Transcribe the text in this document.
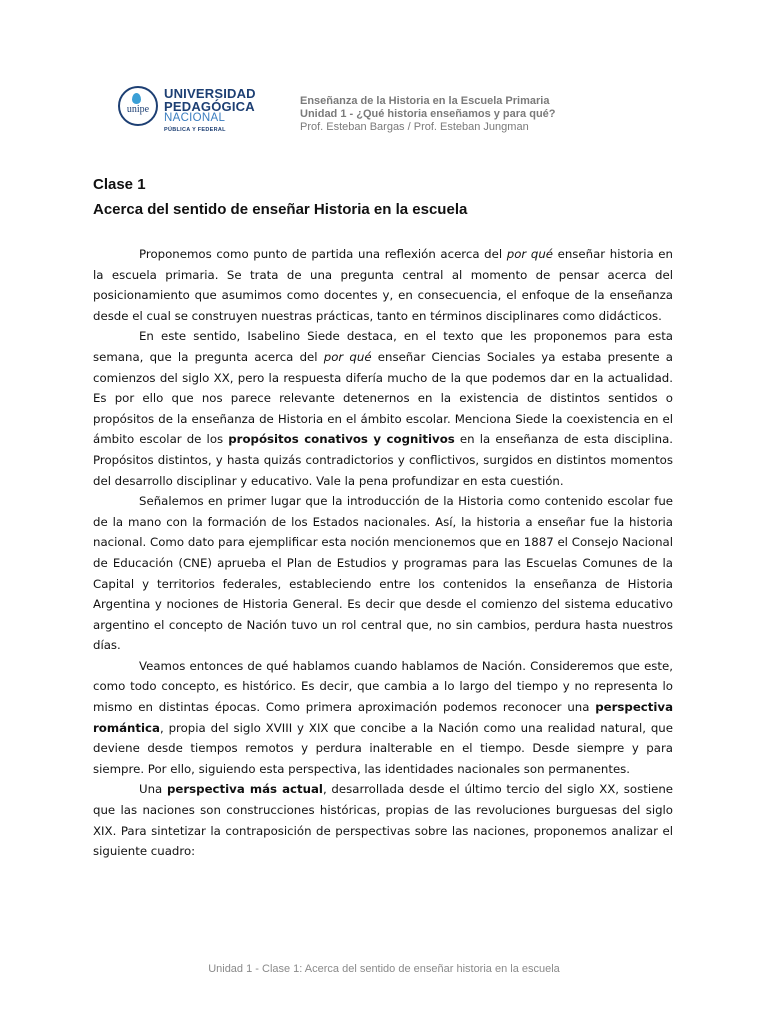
unipe
UNIVERSIDAD
PEDAGÓGICA
NACIONAL
PÚBLICA Y FEDERAL
Enseñanza de la Historia en la Escuela Primaria
Unidad 1 - ¿Qué historia enseñamos y para qué?
Prof. Esteban Bargas / Prof. Esteban Jungman
Clase 1
Acerca del sentido de enseñar Historia en la escuela

Proponemos como punto de partida una reflexión acerca del por qué enseñar historia en la escuela primaria. Se trata de una pregunta central al momento de pensar acerca del posicionamiento que asumimos como docentes y, en consecuencia, el enfoque de la enseñanza desde el cual se construyen nuestras prácticas, tanto en términos disciplinares como didácticos.

En este sentido, Isabelino Siede destaca, en el texto que les proponemos para esta semana, que la pregunta acerca del por qué enseñar Ciencias Sociales ya estaba presente a comienzos del siglo XX, pero la respuesta difería mucho de la que podemos dar en la actualidad. Es por ello que nos parece relevante detenernos en la existencia de distintos sentidos o propósitos de la enseñanza de Historia en el ámbito escolar. Menciona Siede la coexistencia en el ámbito escolar de los propósitos conativos y cognitivos en la enseñanza de esta disciplina. Propósitos distintos, y hasta quizás contradictorios y conflictivos, surgidos en distintos momentos del desarrollo disciplinar y educativo. Vale la pena profundizar en esta cuestión.

Señalemos en primer lugar que la introducción de la Historia como contenido escolar fue de la mano con la formación de los Estados nacionales. Así, la historia a enseñar fue la historia nacional. Como dato para ejemplificar esta noción mencionemos que en 1887 el Consejo Nacional de Educación (CNE) aprueba el Plan de Estudios y programas para las Escuelas Comunes de la Capital y territorios federales, estableciendo entre los contenidos la enseñanza de Historia Argentina y nociones de Historia General. Es decir que desde el comienzo del sistema educativo argentino el concepto de Nación tuvo un rol central que, no sin cambios, perdura hasta nuestros días.

Veamos entonces de qué hablamos cuando hablamos de Nación. Consideremos que este, como todo concepto, es histórico. Es decir, que cambia a lo largo del tiempo y no representa lo mismo en distintas épocas. Como primera aproximación podemos reconocer una perspectiva romántica, propia del siglo XVIII y XIX que concibe a la Nación como una realidad natural, que deviene desde tiempos remotos y perdura inalterable en el tiempo. Desde siempre y para siempre. Por ello, siguiendo esta perspectiva, las identidades nacionales son permanentes.

Una perspectiva más actual, desarrollada desde el último tercio del siglo XX, sostiene que las naciones son construcciones históricas, propias de las revoluciones burguesas del siglo XIX. Para sintetizar la contraposición de perspectivas sobre las naciones, proponemos analizar el siguiente cuadro:

Unidad 1 - Clase 1: Acerca del sentido de enseñar historia en la escuela
